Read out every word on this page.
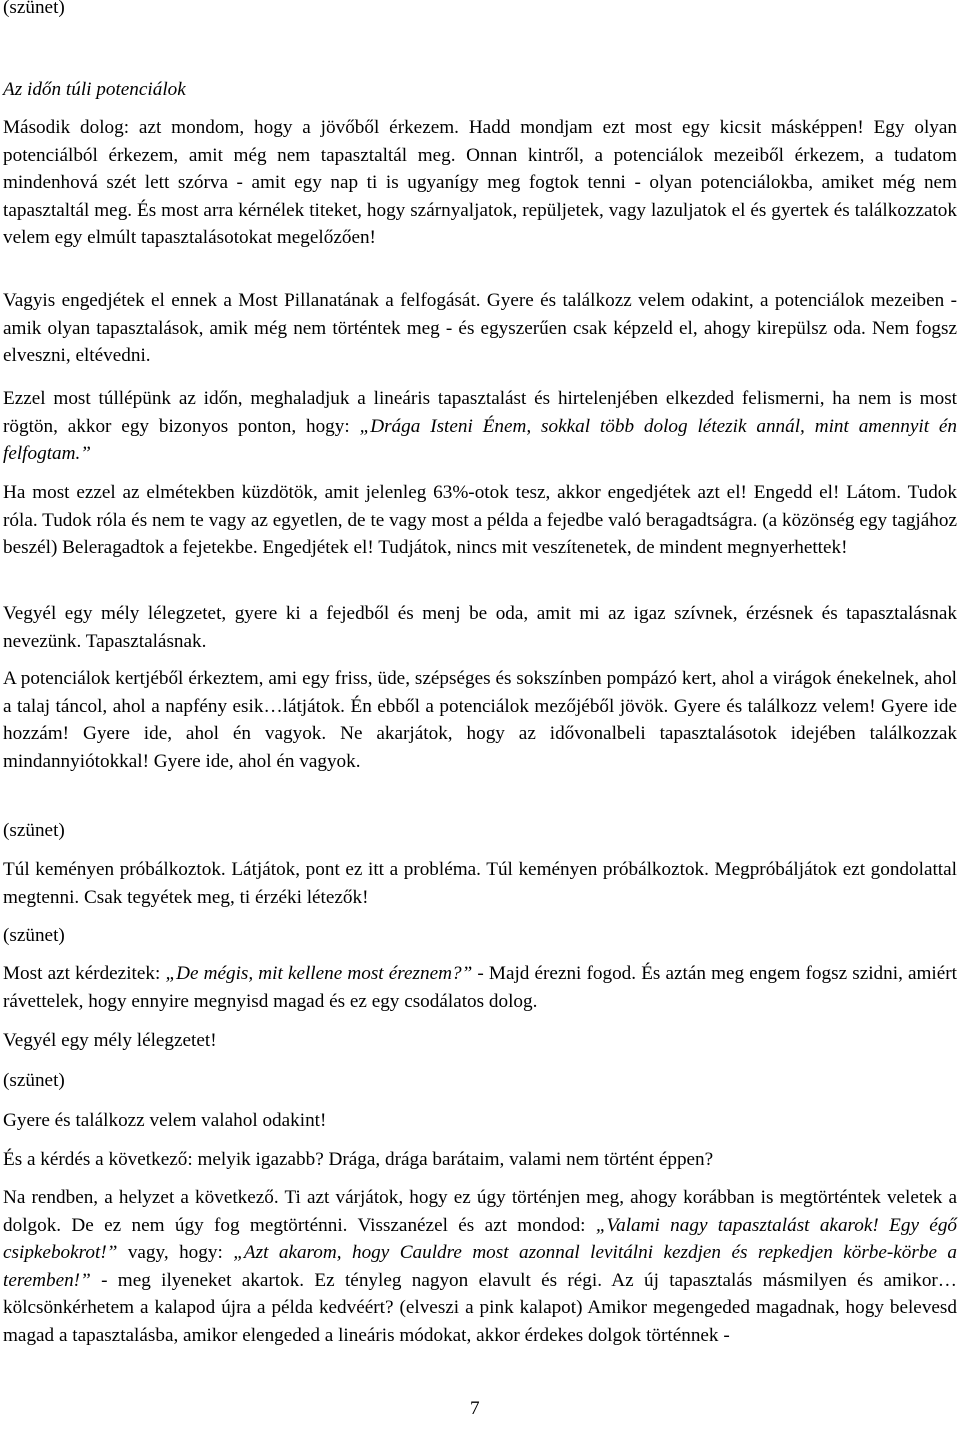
(szünet)

Az időn túli potenciálok

Második dolog: azt mondom, hogy a jövőből érkezem. Hadd mondjam ezt most egy kicsit másképpen! Egy olyan potenciálból érkezem, amit még nem tapasztaltál meg. Onnan kintről, a potenciálok mezeiből érkezem, a tudatom mindenhová szét lett szórva - amit egy nap ti is ugyanígy meg fogtok tenni - olyan potenciálokba, amiket még nem tapasztaltál meg. És most arra kérnélek titeket, hogy szárnyaljatok, repüljetek, vagy lazuljatok el és gyertek és találkozzatok velem egy elmúlt tapasztalásotokat megelőzően!

Vagyis engedjétek el ennek a Most Pillanatának a felfogását. Gyere és találkozz velem odakint, a potenciálok mezeiben - amik olyan tapasztalások, amik még nem történtek meg - és egyszerűen csak képzeld el, ahogy kirepülsz oda. Nem fogsz elveszni, eltévedni.

Ezzel most túllépünk az időn, meghaladjuk a lineáris tapasztalást és hirtelenjében elkezded felismerni, ha nem is most rögtön, akkor egy bizonyos ponton, hogy: „Drága Isteni Énem, sokkal több dolog létezik annál, mint amennyit én felfogtam.”

Ha most ezzel az elmétekben küzdötök, amit jelenleg 63%-otok tesz, akkor engedjétek azt el! Engedd el! Látom. Tudok róla. Tudok róla és nem te vagy az egyetlen, de te vagy most a példa a fejedbe való beragadtságra. (a közönség egy tagjához beszél) Beleragadtok a fejetekbe. Engedjétek el! Tudjátok, nincs mit veszítenetek, de mindent megnyerhettek!

Vegyél egy mély lélegzetet, gyere ki a fejedből és menj be oda, amit mi az igaz szívnek, érzésnek és tapasztalásnak nevezünk. Tapasztalásnak.

A potenciálok kertjéből érkeztem, ami egy friss, üde, szépséges és sokszínben pompázó kert, ahol a virágok énekelnek, ahol a talaj táncol, ahol a napfény esik…látjátok. Én ebből a potenciálok mezőjéből jövök. Gyere és találkozz velem! Gyere ide hozzám! Gyere ide, ahol én vagyok. Ne akarjátok, hogy az idővonalbeli tapasztalásotok idejében találkozzak mindannyiótokkal! Gyere ide, ahol én vagyok.

(szünet)

Túl keményen próbálkoztok. Látjátok, pont ez itt a probléma. Túl keményen próbálkoztok. Megpróbáljátok ezt gondolattal megtenni. Csak tegyétek meg, ti érzéki létezők!

(szünet)

Most azt kérdezitek: „De mégis, mit kellene most éreznem?” - Majd érezni fogod. És aztán meg engem fogsz szidni, amiért rávettelek, hogy ennyire megnyisd magad és ez egy csodálatos dolog.

Vegyél egy mély lélegzetet!

(szünet)

Gyere és találkozz velem valahol odakint!

És a kérdés a következő: melyik igazabb? Drága, drága barátaim, valami nem történt éppen?

Na rendben, a helyzet a következő. Ti azt várjátok, hogy ez úgy történjen meg, ahogy korábban is megtörténtek veletek a dolgok. De ez nem úgy fog megtörténni. Visszanézel és azt mondod: „Valami nagy tapasztalást akarok! Egy égő csipkebokrot!” vagy, hogy: „Azt akarom, hogy Cauldre most azonnal levitálni kezdjen és repkedjen körbe-körbe a teremben!” - meg ilyeneket akartok. Ez tényleg nagyon elavult és régi. Az új tapasztalás másmilyen és amikor…kölcsönkérhetem a kalapod újra a példa kedvéért? (elveszi a pink kalapot) Amikor megengeded magadnak, hogy belevesd magad a tapasztalásba, amikor elengeded a lineáris módokat, akkor érdekes dolgok történnek -

7
